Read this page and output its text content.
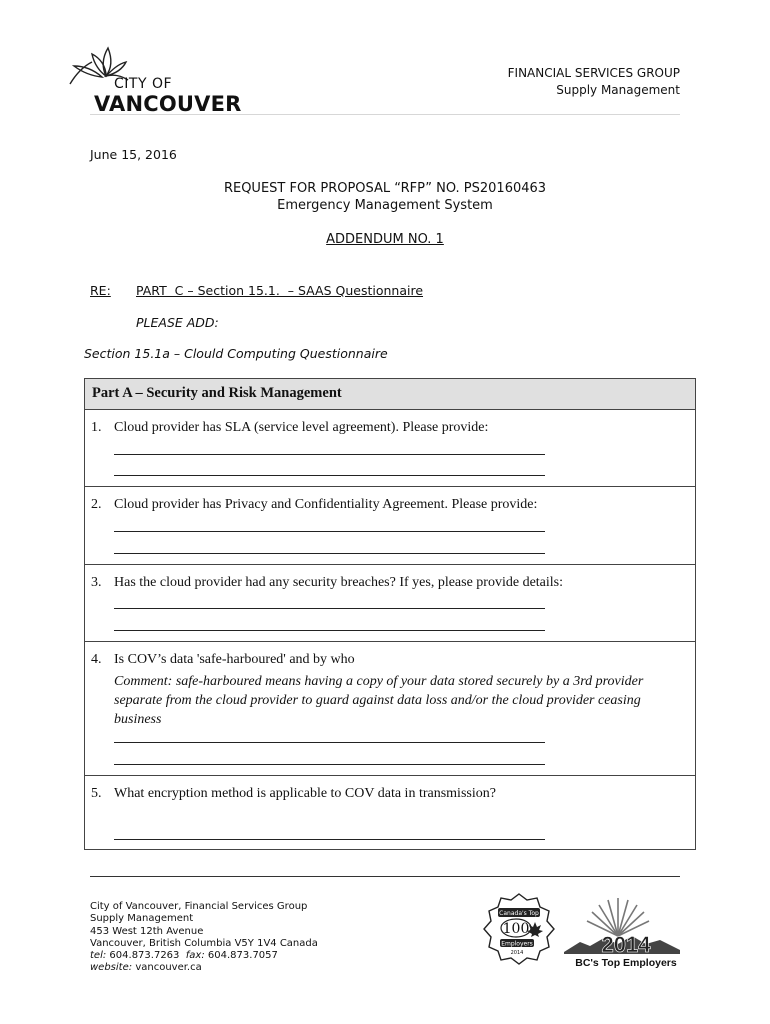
CITY OF
VANCOUVER
FINANCIAL SERVICES GROUP
Supply Management
June 15, 2016
REQUEST FOR PROPOSAL “RFP” NO. PS20160463
Emergency Management System
ADDENDUM NO. 1
RE: PART  C – Section 15.1.  – SAAS Questionnaire
PLEASE ADD:
Section 15.1a – Clould Computing Questionnaire
Part A – Security and Risk Management
1. Cloud provider has SLA (service level agreement). Please provide:
2. Cloud provider has Privacy and Confidentiality Agreement. Please provide:
3. Has the cloud provider had any security breaches? If yes, please provide details:
4. Is COV’s data 'safe-harboured' and by who
Comment: safe-harboured means having a copy of your data stored securely by a 3rd provider separate from the cloud provider to guard against data loss and/or the cloud provider ceasing business
5. What encryption method is applicable to COV data in transmission?
City of Vancouver, Financial Services Group
Supply Management
453 West 12th Avenue
Vancouver, British Columbia V5Y 1V4 Canada
tel: 604.873.7263 fax: 604.873.7057
website: vancouver.ca
Canada's Top
100
Employers
2014	2014
BC's Top Employers
